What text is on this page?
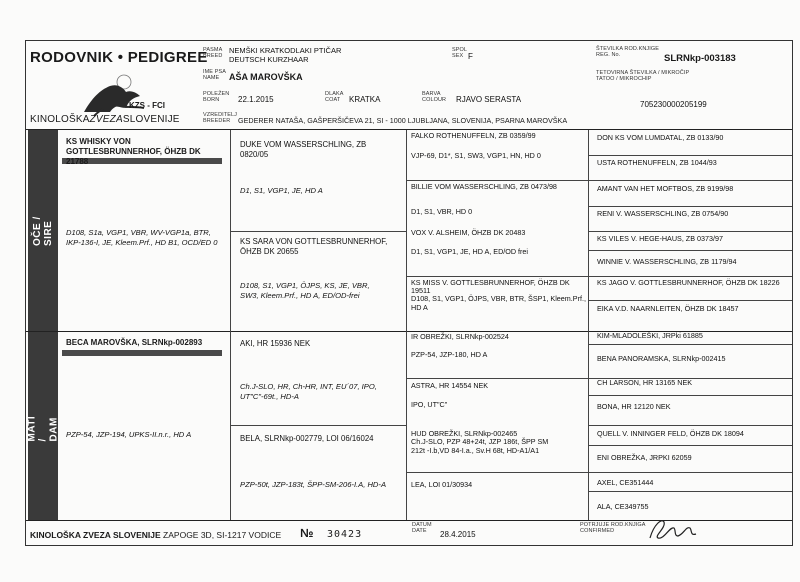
RODOVNIK • PEDIGREE
KZS - FCI
KINOLOŠKAZVEZASLOVENIJE
PASMA
BREED
NEMŠKI KRATKODLAKI PTIČAR
DEUTSCH KURZHAAR
IME PSA
NAME	AŠA MAROVŠKA
POLEŽEN
BORN	22.1.2015
DLAKA
COAT	KRATKA
BARVA
COLOUR RJAVO SERASTA
SPOL
SEX F
ŠTEVILKA ROD.KNJIGE
REG. No.	SLRNkp-003183
TETOVIRNA ŠTEVILKA / MIKROČIP
TATOO / MIKROCHIP
705230000205199
VZREDITELJ
BREEDER	GEDERER NATAŠA, GAŠPERŠIČEVA 21, SI - 1000 LJUBLJANA, SLOVENIJA, PSARNA MAROVŠKA
OČE / SIRE
MATI / DAM
KS WHISKY VON GOTTLESBRUNNERHOF, ÖHZB DK 21788
D108, S1a, VGP1, VBR, WV-VGP1a, BTR, IKP-136-I, JE, Kleem.Prf., HD B1, OCD/ED 0
DUKE VOM WASSERSCHLING, ZB 0820/05
D1, S1, VGP1, JE, HD A
KS SARA VON GOTTLESBRUNNERHOF, ÖHZB DK 20655
D108, S1, VGP1, ÖJPS, KS, JE, VBR, SW3, Kleem.Prf., HD A, ED/OD-frei
FALKO ROTHENUFFELN, ZB 0359/99
VJP-69, D1*, S1, SW3, VGP1, HN, HD 0
BILLIE VOM WASSERSCHLING, ZB 0473/98
D1, S1, VBR, HD 0
VOX V. ALSHEIM, ÖHZB DK 20483
D1, S1, VGP1, JE, HD A, ED/OD frei
KS MISS V. GOTTLESBRUNNERHOF, ÖHZB DK 19511
D108, S1, VGP1, ÖJPS, VBR, BTR, ŠSP1, Kleem.Prf., HD A
DON KS VOM LUMDATAL, ZB 0133/90
USTA ROTHENUFFELN, ZB 1044/93
AMANT VAN HET MOFTBOS, ZB 9199/98
RENI V. WASSERSCHLING, ZB 0754/90
KS VILES V. HEGE-HAUS, ZB 0373/97
WINNIE V. WASSERSCHLING, ZB 1179/94
KS JAGO V. GOTTLESBRUNNERHOF, ÖHZB DK 18226
EIKA V.D. NAARNLEITEN, ÖHZB DK 18457
BECA MAROVŠKA, SLRNkp-002893
PZP-54, JZP-194, UPKS-II.n.r., HD A
AKI, HR 15936 NEK
Ch.J-SLO, HR, Ch-HR, INT, EU´07, IPO, UT"C"-69t., HD-A
BELA, SLRNkp-002779, LOI 06/16024
PZP-50t, JZP-183t, ŠPP-SM-206-I.A, HD-A
IR OBREŽKI, SLRNkp-002524
PZP-54, JZP-180, HD A
ASTRA, HR 14554 NEK
IPO, UT"C"
HUD OBREŽKI, SLRNkp-002465
Ch.J-SLO, PZP 48+24t, JZP 186t, ŠPP SM 212t -I.b,VD 84-I.a., Sv.H 68t, HD-A1/A1
LEA, LOI 01/30934
KIM-MLADOLEŠKI, JRPki 61885
BENA PANORAMSKA, SLRNkp-002415
CH LARSON, HR 13165 NEK
BONA, HR 12120 NEK
QUELL V. INNINGER FELD, ÖHZB DK 18094
ENI OBREŽKA, JRPKI 62059
AXEL, CE351444
ALA, CE349755
KINOLOŠKA ZVEZA SLOVENIJE ZAPOGE 3D, SI-1217 VODICE № 30423
DATUM
DATE	28.4.2015
POTRJUJE ROD.KNJIGA
CONFIRMED
